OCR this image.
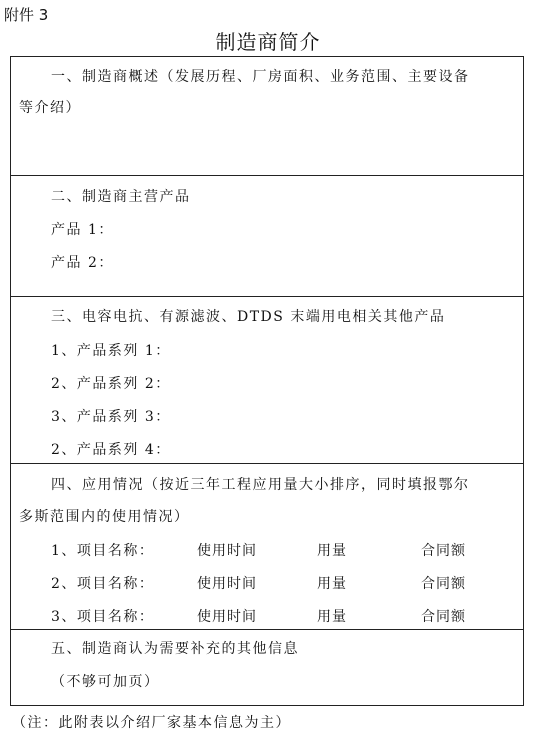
附件 3
制造商简介
一、制造商概述（发展历程、厂房面积、业务范围、主要设备
等介绍）
二、制造商主营产品
产品 1：
产品 2：
三、电容电抗、有源滤波、DTDS 末端用电相关其他产品
1、产品系列 1：
2、产品系列 2：
3、产品系列 3：
2、产品系列 4：
四、应用情况（按近三年工程应用量大小排序，同时填报鄂尔
多斯范围内的使用情况）
1、项目名称：	使用时间	用量	合同额
2、项目名称：	使用时间	用量	合同额
3、项目名称：	使用时间	用量	合同额
五、制造商认为需要补充的其他信息
（不够可加页）
（注：此附表以介绍厂家基本信息为主）
